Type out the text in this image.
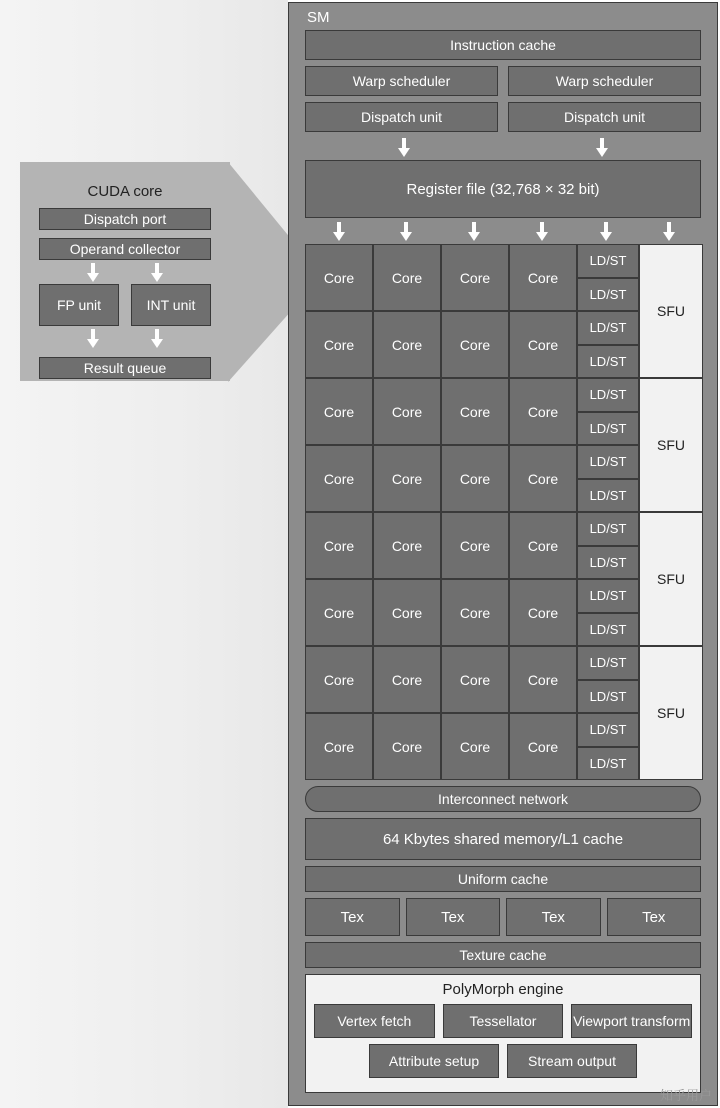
CUDA core
Dispatch port
Operand collector
FP unit	INT unit
Result queue
SM
Instruction cache
Warp scheduler	Warp scheduler
Dispatch unit	Dispatch unit
Register file (32,768 × 32 bit)
Core
Core
Core
Core
Core
Core
Core
Core
Core
Core
Core
Core
Core
Core
Core
Core
Core
Core
Core
Core
Core
Core
Core
Core
Core
Core
Core
Core
Core
Core
Core
Core
LD/ST
LD/ST
LD/ST
LD/ST
LD/ST
LD/ST
LD/ST
LD/ST
LD/ST
LD/ST
LD/ST
LD/ST
LD/ST
LD/ST
LD/ST
LD/ST
SFU
SFU
SFU
SFU
Interconnect network
64 Kbytes shared memory/L1 cache
Uniform cache
Tex	Tex	Tex	Tex
Texture cache
PolyMorph engine
Vertex fetch	Tessellator	Viewport transform
Attribute setup	Stream output
知乎用户
